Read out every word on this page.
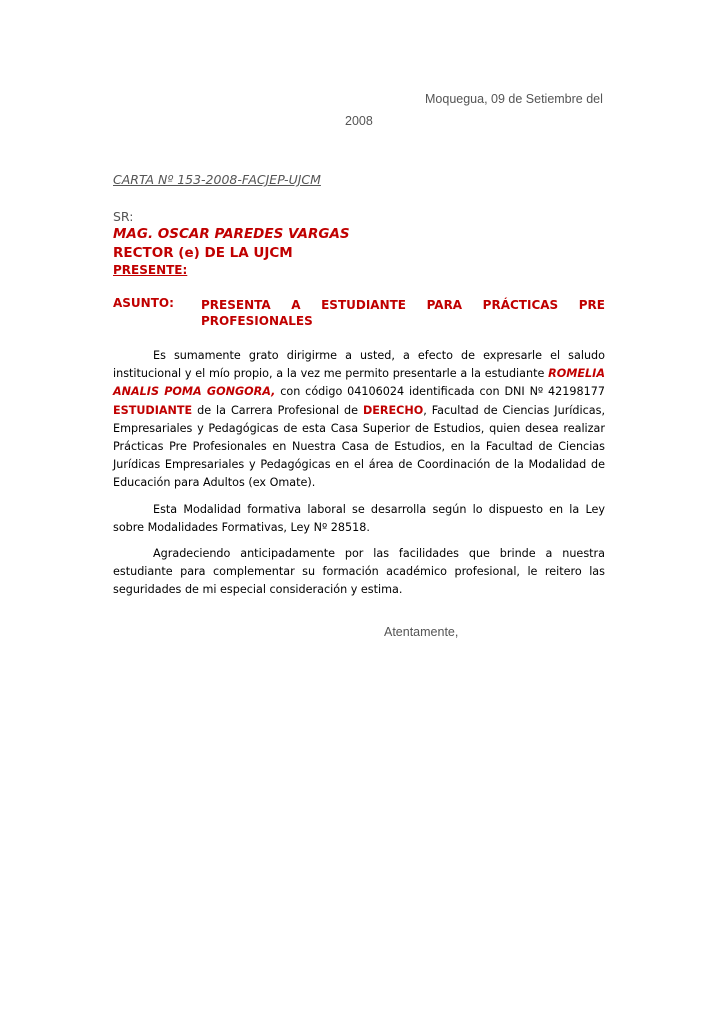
Moquegua, 09 de Setiembre del
2008
CARTA Nº 153-2008-FACJEP-UJCM
SR:
MAG. OSCAR PAREDES VARGAS
RECTOR (e) DE LA UJCM
PRESENTE:
ASUNTO: PRESENTA A ESTUDIANTE PARA PRÁCTICAS PRE
PROFESIONALES
Es sumamente grato dirigirme a usted, a efecto de expresarle el saludo institucional y el mío propio, a la vez me permito presentarle a la estudiante ROMELIA ANALIS POMA GONGORA, con código 04106024 identificada con DNI Nº 42198177 ESTUDIANTE de la Carrera Profesional de DERECHO, Facultad de Ciencias Jurídicas, Empresariales y Pedagógicas de esta Casa Superior de Estudios, quien desea realizar Prácticas Pre Profesionales en Nuestra Casa de Estudios, en la Facultad de Ciencias Jurídicas Empresariales y Pedagógicas en el área de Coordinación de la Modalidad de Educación para Adultos (ex Omate).
Esta Modalidad formativa laboral se desarrolla según lo dispuesto en la Ley sobre Modalidades Formativas, Ley Nº 28518.
Agradeciendo anticipadamente por las facilidades que brinde a nuestra estudiante para complementar su formación académico profesional, le reitero las seguridades de mi especial consideración y estima.
Atentamente,
